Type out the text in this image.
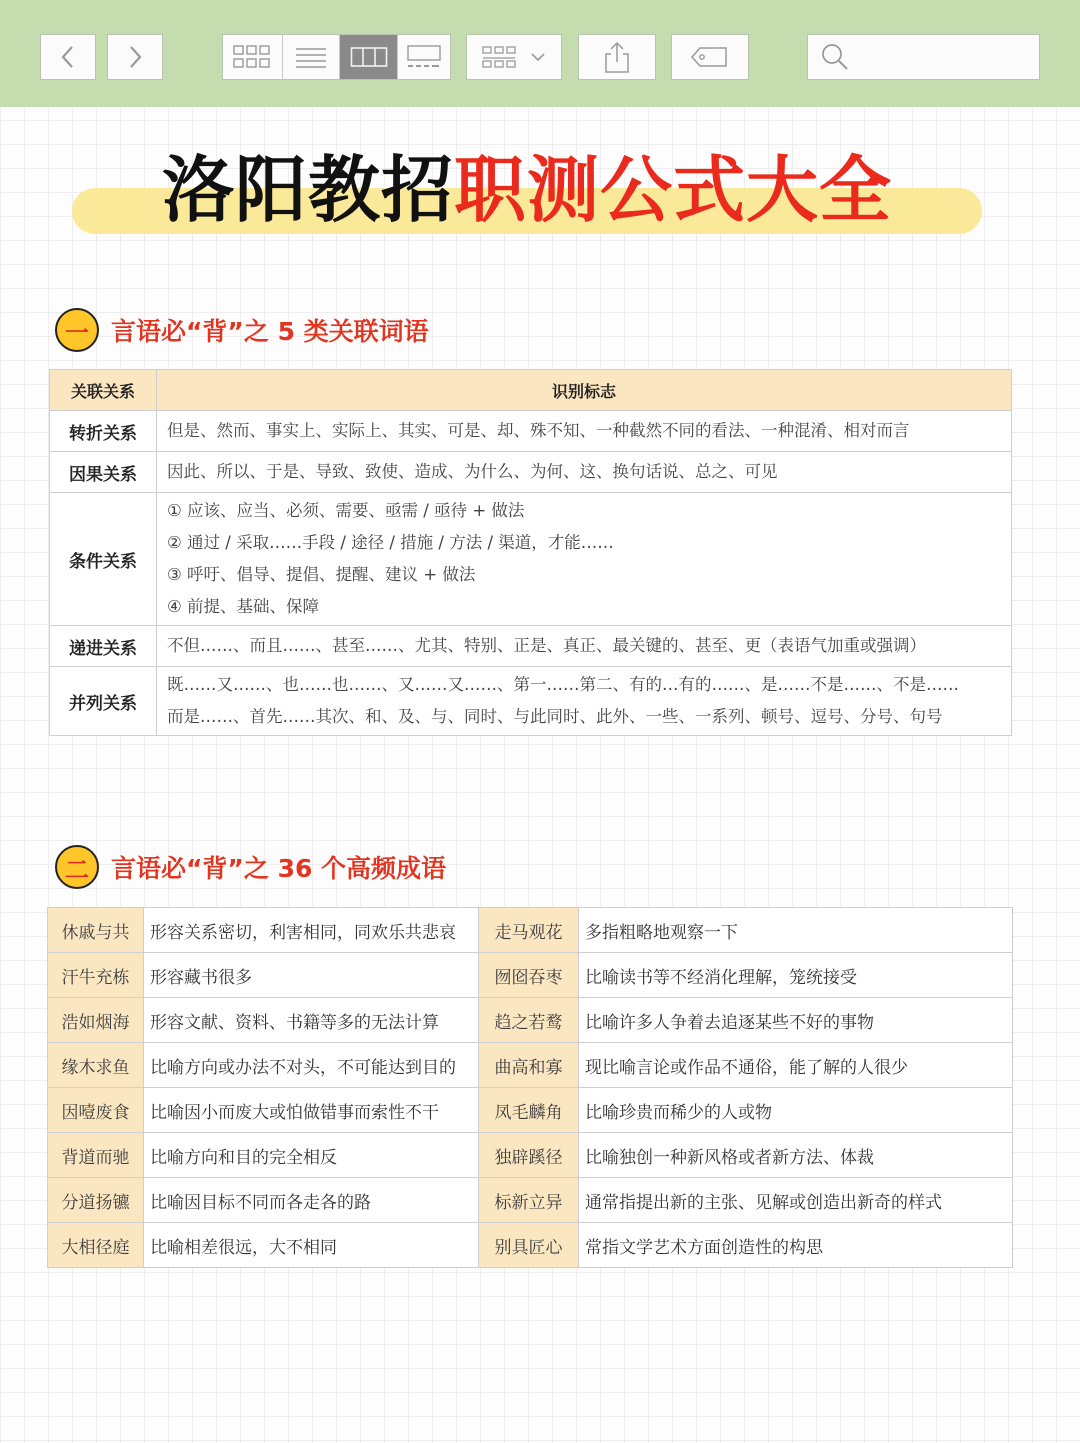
洛阳教招职测公式大全
一 言语必“背”之 5 类关联词语
关联关系	识别标志
转折关系	但是、然而、事实上、实际上、其实、可是、却、殊不知、一种截然不同的看法、一种混淆、相对而言

因果关系	因此、所以、于是、导致、致使、造成、为什么、为何、这、换句话说、总之、可见

条件关系	① 应该、应当、必须、需要、亟需 / 亟待 + 做法
② 通过 / 采取……手段 / 途径 / 措施 / 方法 / 渠道，才能……
③ 呼吁、倡导、提倡、提醒、建议 + 做法
④ 前提、基础、保障

递进关系	不但……、而且……、甚至……、尤其、特别、正是、真正、最关键的、甚至、更（表语气加重或强调）

并列关系	既……又……、也……也……、又……又……、第一……第二、有的…有的……、是……不是……、不是……
而是……、首先……其次、和、及、与、同时、与此同时、此外、一些、一系列、顿号、逗号、分号、句号
二 言语必“背”之 36 个高频成语
休戚与共	形容关系密切，利害相同，同欢乐共悲哀	走马观花	多指粗略地观察一下
汗牛充栋	形容藏书很多	囫囵吞枣	比喻读书等不经消化理解，笼统接受
浩如烟海	形容文献、资料、书籍等多的无法计算	趋之若鹜	比喻许多人争着去追逐某些不好的事物
缘木求鱼	比喻方向或办法不对头，不可能达到目的	曲高和寡	现比喻言论或作品不通俗，能了解的人很少
因噎废食	比喻因小而废大或怕做错事而索性不干	凤毛麟角	比喻珍贵而稀少的人或物
背道而驰	比喻方向和目的完全相反	独辟蹊径	比喻独创一种新风格或者新方法、体裁
分道扬镳	比喻因目标不同而各走各的路	标新立异	通常指提出新的主张、见解或创造出新奇的样式
大相径庭	比喻相差很远，大不相同	别具匠心	常指文学艺术方面创造性的构思
